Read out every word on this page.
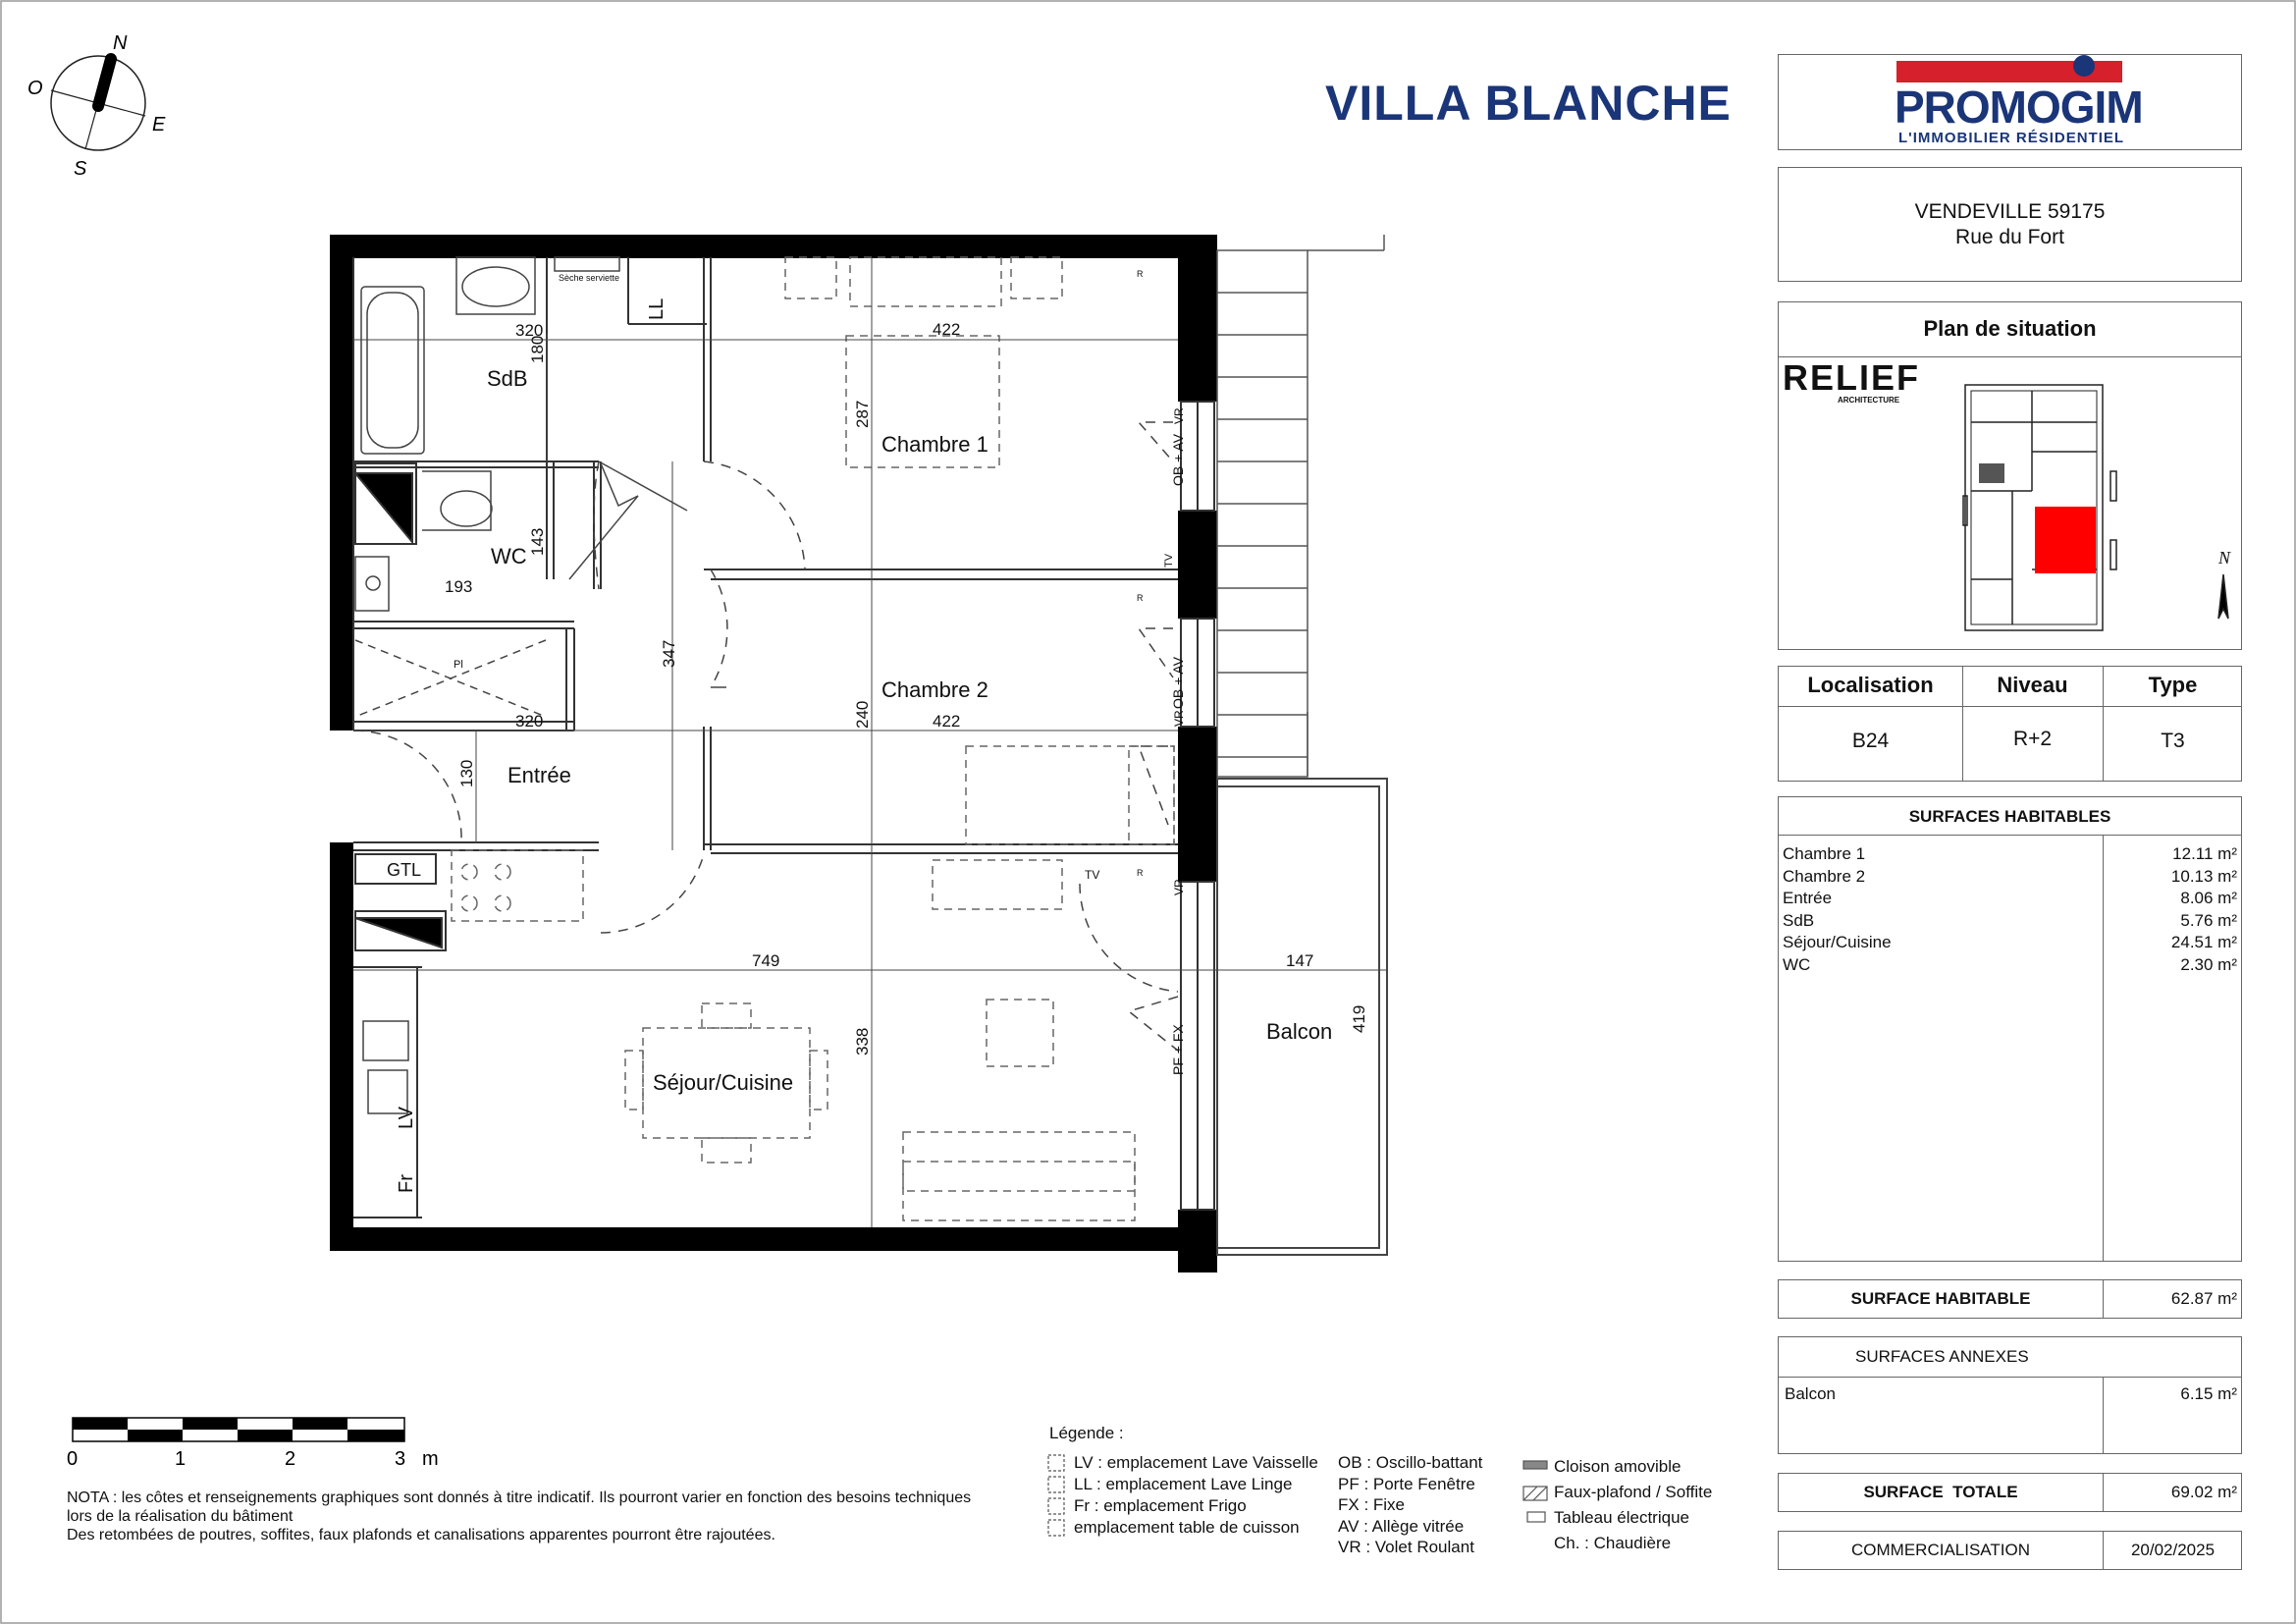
N
O
E
S
VILLA BLANCHE
320
180
422
287
143
193
347
320	240	422
130
749	147
338
419
SdB
WC
Chambre 1
Chambre 2
Entrée
Séjour/Cuisine
Balcon
GTL
LL
LV
Fr
Pl
Sèche serviette
TV
TV
R
R
R
OB + AV
OB + AV
VR
VR
VR
PF + FX
0	1	2	3 m
PROMOGIM
L'IMMOBILIER RÉSIDENTIEL
VENDEVILLE 59175
Rue du Fort
Plan de situation
RELIEF
ARCHITECTURE
N
Localisation	Niveau	Type
B24	R+2	T3
SURFACES HABITABLES
Chambre 1	12.11 m²
Chambre 2	10.13 m²
Entrée	8.06 m²
SdB	5.76 m²
Séjour/Cuisine	24.51 m²
WC	2.30 m²
SURFACE HABITABLE	62.87 m²
SURFACES ANNEXES
Balcon	6.15 m²
SURFACE  TOTALE	69.02 m²
COMMERCIALISATION	20/02/2025
NOTA : les côtes et renseignements graphiques sont donnés à titre indicatif. Ils pourront varier en fonction des besoins techniques
lors de la réalisation du bâtiment
Des retombées de poutres, soffites, faux plafonds et canalisations apparentes pourront être rajoutées.
Légende :
LV : emplacement Lave Vaisselle
LL : emplacement Lave Linge
Fr : emplacement Frigo
emplacement table de cuisson
OB : Oscillo-battant
PF : Porte Fenêtre
FX : Fixe
AV : Allège vitrée
VR : Volet Roulant
Cloison amovible
Faux-plafond / Soffite
Tableau électrique
Ch. : Chaudière
